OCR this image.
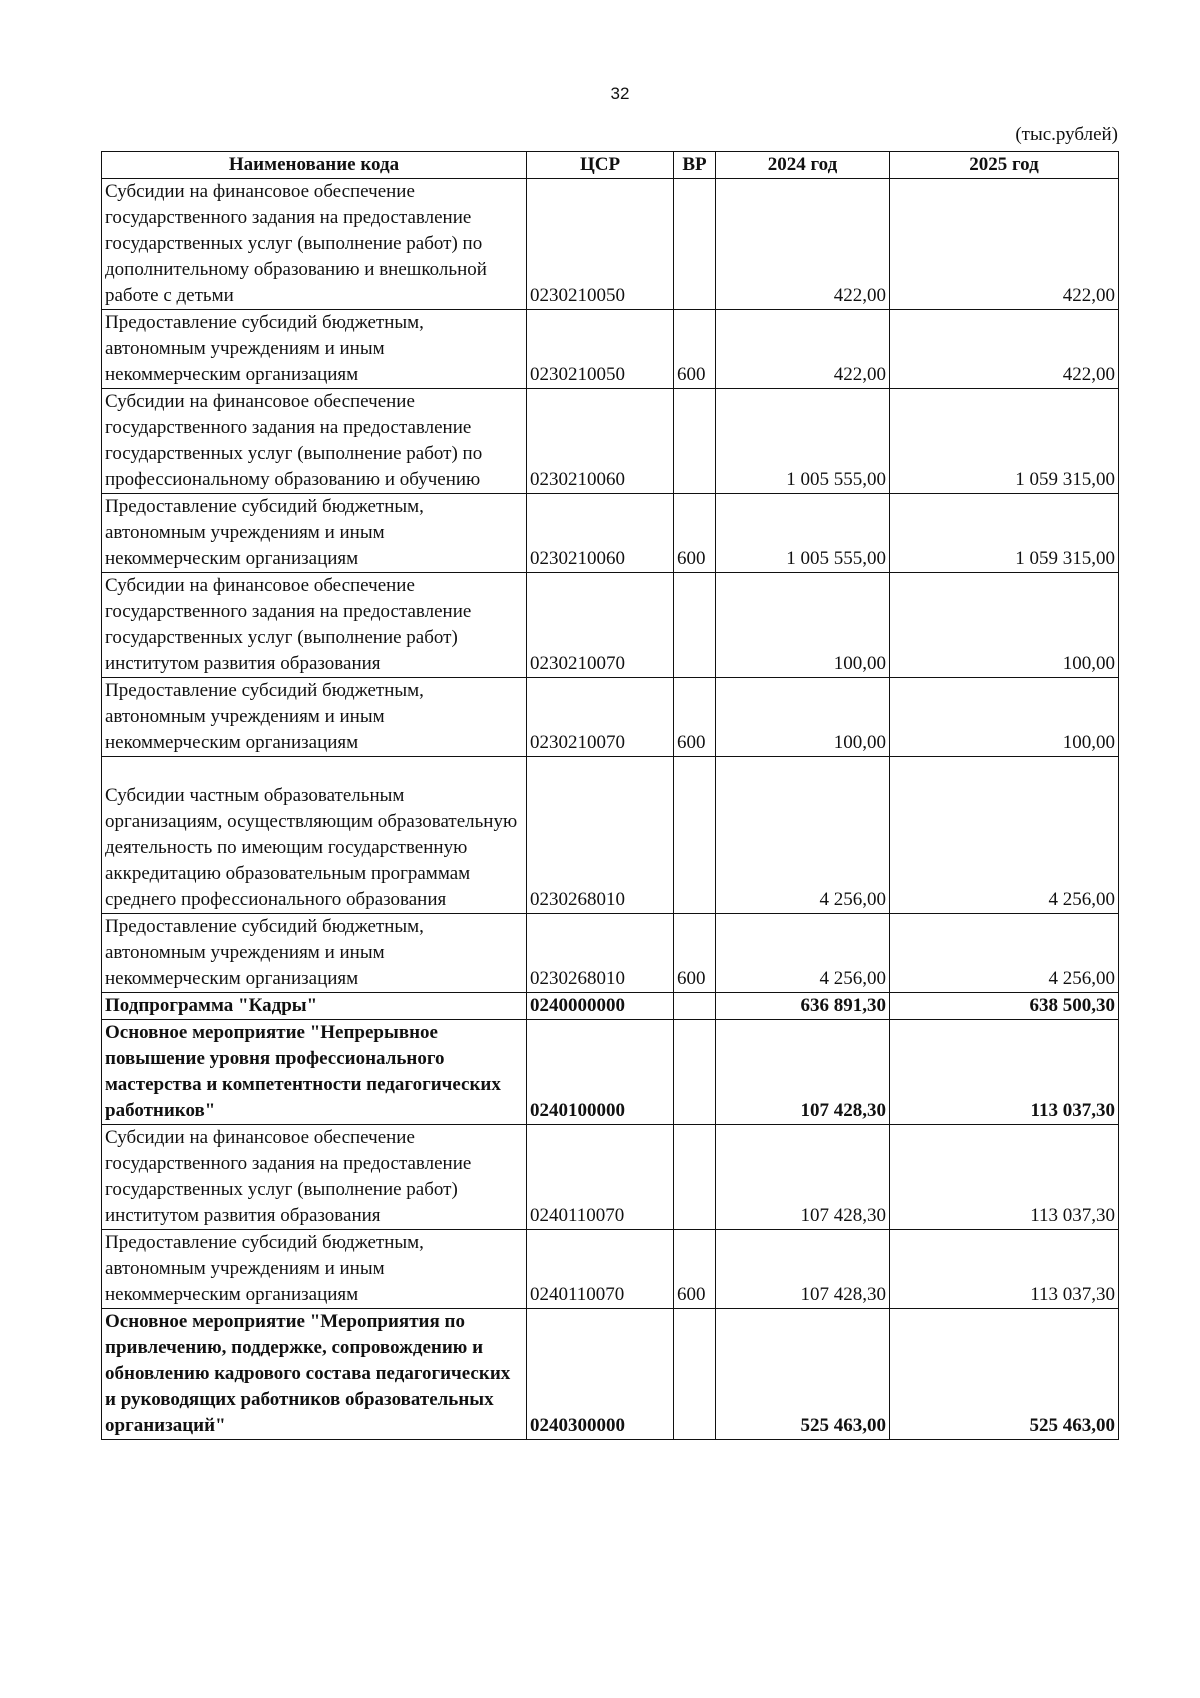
32
(тыс.рублей)
Наименование кода	ЦСР	ВР	2024 год	2025 год
Субсидии на финансовое обеспечение государственного задания на предоставление государственных услуг (выполнение работ) по дополнительному образованию и внешкольной работе с детьми	0230210050		422,00	422,00
Предоставление субсидий бюджетным, автономным учреждениям и иным некоммерческим организациям	0230210050	600	422,00	422,00
Субсидии на финансовое обеспечение государственного задания на предоставление государственных услуг (выполнение работ) по профессиональному образованию и обучению	0230210060		1 005 555,00	1 059 315,00
Предоставление субсидий бюджетным, автономным учреждениям и иным некоммерческим организациям	0230210060	600	1 005 555,00	1 059 315,00
Субсидии на финансовое обеспечение государственного задания на предоставление государственных услуг (выполнение работ) институтом развития образования	0230210070		100,00	100,00
Предоставление субсидий бюджетным, автономным учреждениям и иным некоммерческим организациям	0230210070	600	100,00	100,00
Субсидии частным образовательным организациям, осуществляющим образовательную деятельность по имеющим государственную аккредитацию образовательным программам среднего профессионального образования	0230268010		4 256,00	4 256,00
Предоставление субсидий бюджетным, автономным учреждениям и иным некоммерческим организациям	0230268010	600	4 256,00	4 256,00
Подпрограмма "Кадры"	0240000000		636 891,30	638 500,30
Основное мероприятие "Непрерывное повышение уровня профессионального мастерства и компетентности педагогических работников"	0240100000		107 428,30	113 037,30
Субсидии на финансовое обеспечение государственного задания на предоставление государственных услуг (выполнение работ) институтом развития образования	0240110070		107 428,30	113 037,30
Предоставление субсидий бюджетным, автономным учреждениям и иным некоммерческим организациям	0240110070	600	107 428,30	113 037,30
Основное мероприятие "Мероприятия по привлечению, поддержке, сопровождению и обновлению кадрового состава педагогических и руководящих работников образовательных организаций"	0240300000		525 463,00	525 463,00
